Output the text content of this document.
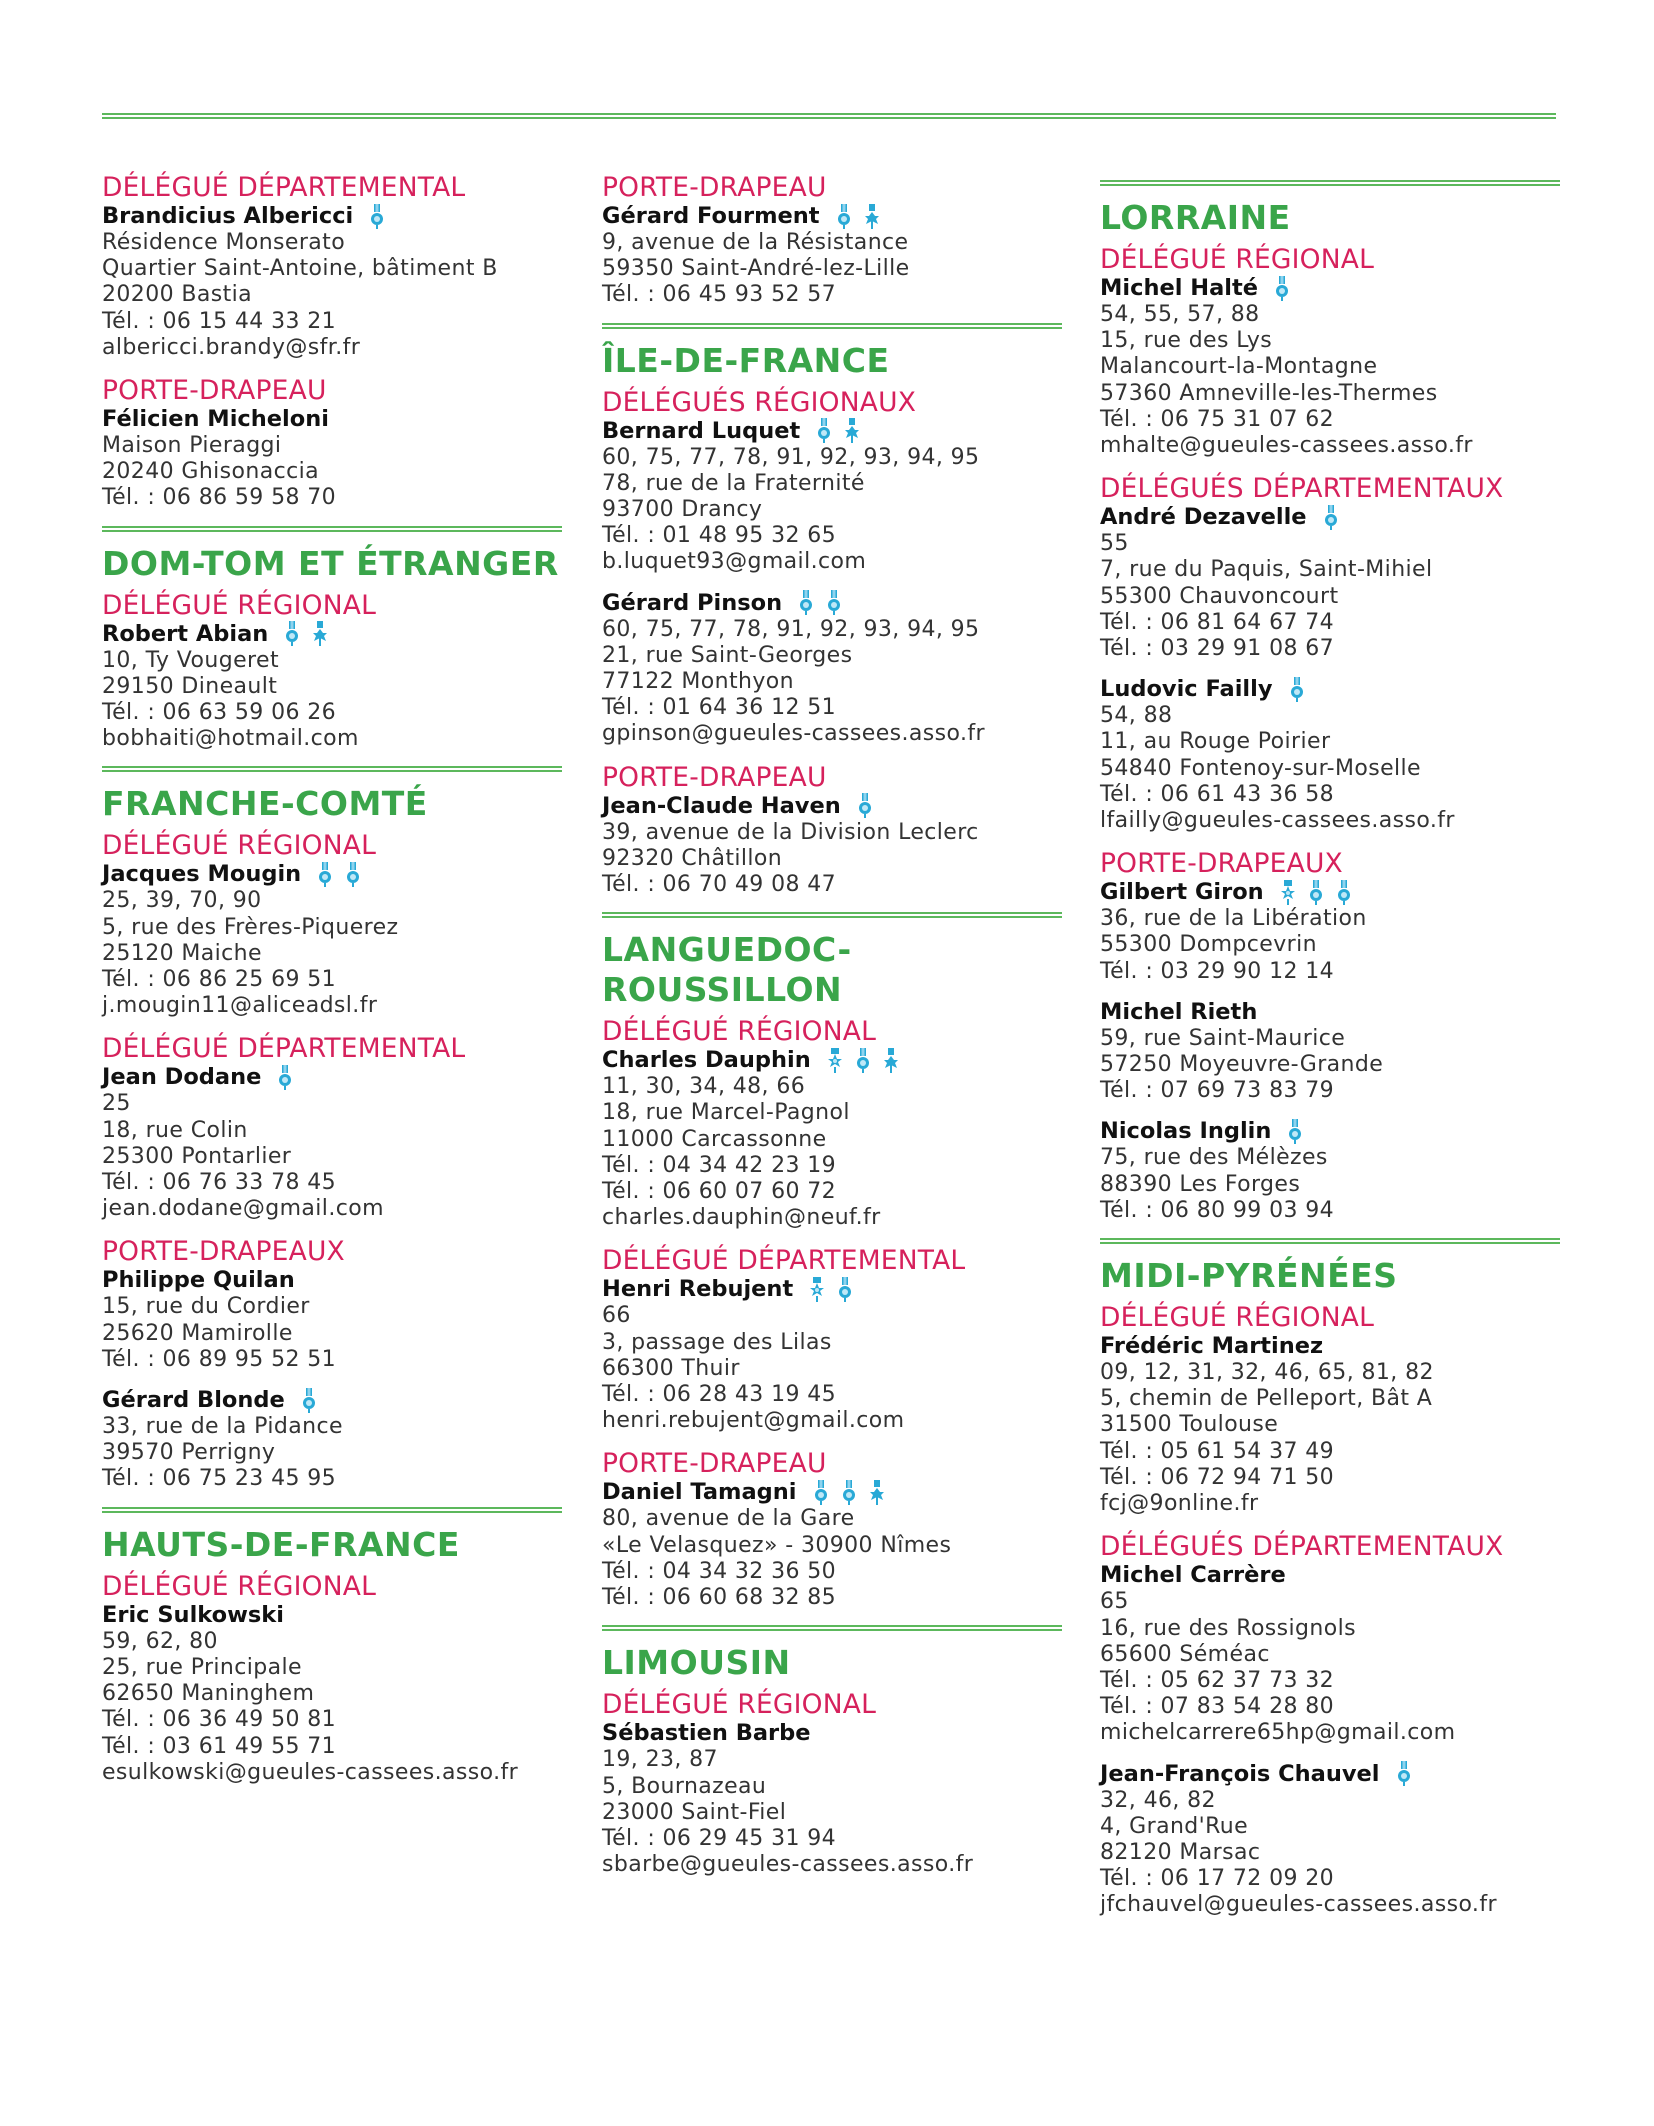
DÉLÉGUÉ DÉPARTEMENTAL
Brandicius Albericci
Résidence Monserato
Quartier Saint-Antoine, bâtiment B
20200 Bastia
Tél. : 06 15 44 33 21
albericci.brandy@sfr.fr
PORTE-DRAPEAU
Félicien Micheloni
Maison Pieraggi
20240 Ghisonaccia
Tél. : 06 86 59 58 70
DOM-TOM ET ÉTRANGER
DÉLÉGUÉ RÉGIONAL
Robert Abian
10, Ty Vougeret
29150 Dineault
Tél. : 06 63 59 06 26
bobhaiti@hotmail.com
FRANCHE-COMTÉ
DÉLÉGUÉ RÉGIONAL
Jacques Mougin
25, 39, 70, 90
5, rue des Frères-Piquerez
25120 Maiche
Tél. : 06 86 25 69 51
j.mougin11@aliceadsl.fr
DÉLÉGUÉ DÉPARTEMENTAL
Jean Dodane
25
18, rue Colin
25300 Pontarlier
Tél. : 06 76 33 78 45
jean.dodane@gmail.com
PORTE-DRAPEAUX
Philippe Quilan
15, rue du Cordier
25620 Mamirolle
Tél. : 06 89 95 52 51
Gérard Blonde
33, rue de la Pidance
39570 Perrigny
Tél. : 06 75 23 45 95
HAUTS-DE-FRANCE
DÉLÉGUÉ RÉGIONAL
Eric Sulkowski
59, 62, 80
25, rue Principale
62650 Maninghem
Tél. : 06 36 49 50 81
Tél. : 03 61 49 55 71
esulkowski@gueules-cassees.asso.fr
PORTE-DRAPEAU
Gérard Fourment
9, avenue de la Résistance
59350 Saint-André-lez-Lille
Tél. : 06 45 93 52 57
ÎLE-DE-FRANCE
DÉLÉGUÉS RÉGIONAUX
Bernard Luquet
60, 75, 77, 78, 91, 92, 93, 94, 95
78, rue de la Fraternité
93700 Drancy
Tél. : 01 48 95 32 65
b.luquet93@gmail.com
Gérard Pinson
60, 75, 77, 78, 91, 92, 93, 94, 95
21, rue Saint-Georges
77122 Monthyon
Tél. : 01 64 36 12 51
gpinson@gueules-cassees.asso.fr
PORTE-DRAPEAU
Jean-Claude Haven
39, avenue de la Division Leclerc
92320 Châtillon
Tél. : 06 70 49 08 47
LANGUEDOC-ROUSSILLON
DÉLÉGUÉ RÉGIONAL
Charles Dauphin
11, 30, 34, 48, 66
18, rue Marcel-Pagnol
11000 Carcassonne
Tél. : 04 34 42 23 19
Tél. : 06 60 07 60 72
charles.dauphin@neuf.fr
DÉLÉGUÉ DÉPARTEMENTAL
Henri Rebujent
66
3, passage des Lilas
66300 Thuir
Tél. : 06 28 43 19 45
henri.rebujent@gmail.com
PORTE-DRAPEAU
Daniel Tamagni
80, avenue de la Gare
«Le Velasquez» - 30900 Nîmes
Tél. : 04 34 32 36 50
Tél. : 06 60 68 32 85
LIMOUSIN
DÉLÉGUÉ RÉGIONAL
Sébastien Barbe
19, 23, 87
5, Bournazeau
23000 Saint-Fiel
Tél. : 06 29 45 31 94
sbarbe@gueules-cassees.asso.fr
LORRAINE
DÉLÉGUÉ RÉGIONAL
Michel Halté
54, 55, 57, 88
15, rue des Lys
Malancourt-la-Montagne
57360 Amneville-les-Thermes
Tél. : 06 75 31 07 62
mhalte@gueules-cassees.asso.fr
DÉLÉGUÉS DÉPARTEMENTAUX
André Dezavelle
55
7, rue du Paquis, Saint-Mihiel
55300 Chauvoncourt
Tél. : 06 81 64 67 74
Tél. : 03 29 91 08 67
Ludovic Failly
54, 88
11, au Rouge Poirier
54840 Fontenoy-sur-Moselle
Tél. : 06 61 43 36 58
lfailly@gueules-cassees.asso.fr
PORTE-DRAPEAUX
Gilbert Giron
36, rue de la Libération
55300 Dompcevrin
Tél. : 03 29 90 12 14
Michel Rieth
59, rue Saint-Maurice
57250 Moyeuvre-Grande
Tél. : 07 69 73 83 79
Nicolas Inglin
75, rue des Mélèzes
88390 Les Forges
Tél. : 06 80 99 03 94
MIDI-PYRÉNÉES
DÉLÉGUÉ RÉGIONAL
Frédéric Martinez
09, 12, 31, 32, 46, 65, 81, 82
5, chemin de Pelleport, Bât A
31500 Toulouse
Tél. : 05 61 54 37 49
Tél. : 06 72 94 71 50
fcj@9online.fr
DÉLÉGUÉS DÉPARTEMENTAUX
Michel Carrère
65
16, rue des Rossignols
65600 Séméac
Tél. : 05 62 37 73 32
Tél. : 07 83 54 28 80
michelcarrere65hp@gmail.com
Jean-François Chauvel
32, 46, 82
4, Grand'Rue
82120 Marsac
Tél. : 06 17 72 09 20
jfchauvel@gueules-cassees.asso.fr
